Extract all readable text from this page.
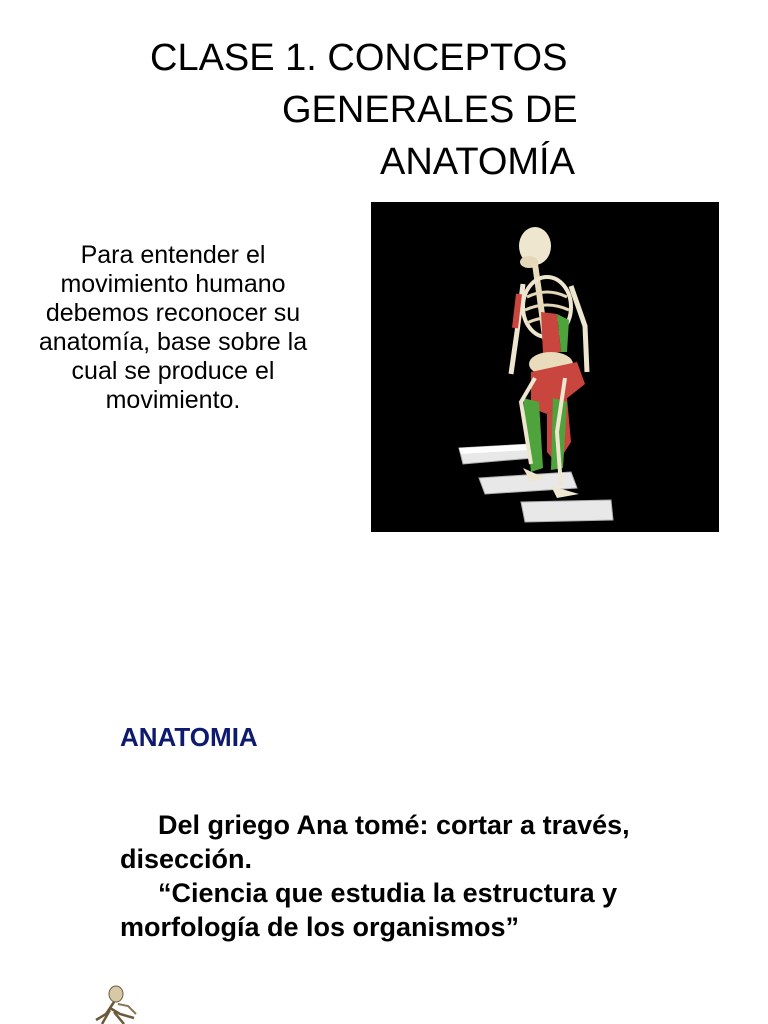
CLASE 1. CONCEPTOS
GENERALES DE
ANATOMÍA
Para entender el movimiento humano debemos reconocer su anatomía, base sobre la cual se produce el movimiento.
ANATOMIA

Del griego Ana tomé: cortar a través, disección.

“Ciencia que estudia la estructura y morfología de los organismos”
